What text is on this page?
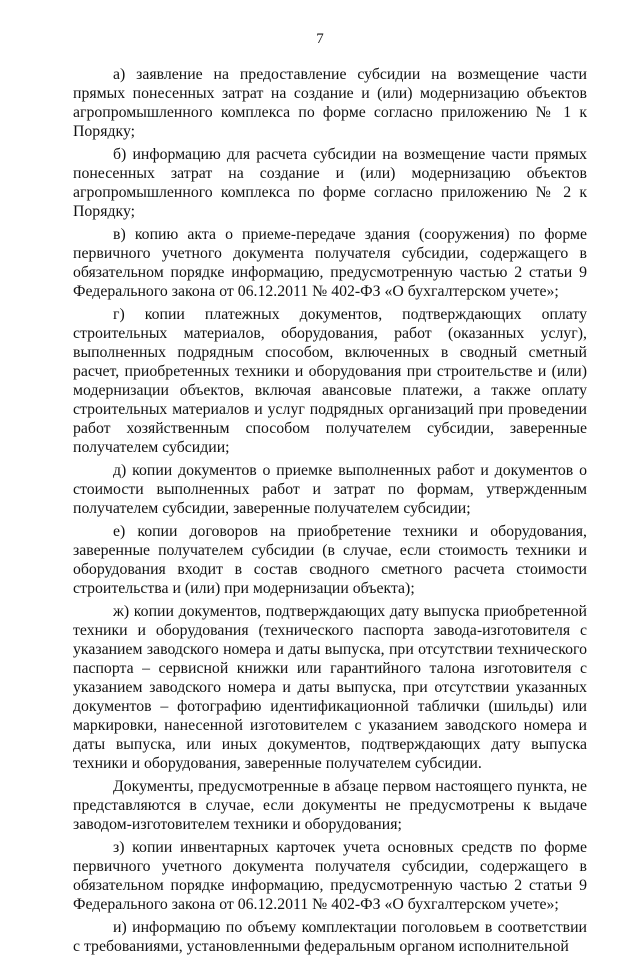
7

а) заявление на предоставление субсидии на возмещение части прямых понесенных затрат на создание и (или) модернизацию объектов агропромышленного комплекса по форме согласно приложению № 1 к Порядку;

б) информацию для расчета субсидии на возмещение части прямых понесенных затрат на создание и (или) модернизацию объектов агропромышленного комплекса по форме согласно приложению № 2 к Порядку;

в) копию акта о приеме-передаче здания (сооружения) по форме первичного учетного документа получателя субсидии, содержащего в обязательном порядке информацию, предусмотренную частью 2 статьи 9 Федерального закона от 06.12.2011 № 402-ФЗ «О бухгалтерском учете»;

г) копии платежных документов, подтверждающих оплату строительных материалов, оборудования, работ (оказанных услуг), выполненных подрядным способом, включенных в сводный сметный расчет, приобретенных техники и оборудования при строительстве и (или) модернизации объектов, включая авансовые платежи, а также оплату строительных материалов и услуг подрядных организаций при проведении работ хозяйственным способом получателем субсидии, заверенные получателем субсидии;

д) копии документов о приемке выполненных работ и документов о стоимости выполненных работ и затрат по формам, утвержденным получателем субсидии, заверенные получателем субсидии;

е) копии договоров на приобретение техники и оборудования, заверенные получателем субсидии (в случае, если стоимость техники и оборудования входит в состав сводного сметного расчета стоимости строительства и (или) при модернизации объекта);

ж) копии документов, подтверждающих дату выпуска приобретенной техники и оборудования (технического паспорта завода-изготовителя с указанием заводского номера и даты выпуска, при отсутствии технического паспорта – сервисной книжки или гарантийного талона изготовителя с указанием заводского номера и даты выпуска, при отсутствии указанных документов – фотографию идентификационной таблички (шильды) или маркировки, нанесенной изготовителем с указанием заводского номера и даты выпуска, или иных документов, подтверждающих дату выпуска техники и оборудования, заверенные получателем субсидии.

Документы, предусмотренные в абзаце первом настоящего пункта, не представляются в случае, если документы не предусмотрены к выдаче заводом-изготовителем техники и оборудования;

з) копии инвентарных карточек учета основных средств по форме первичного учетного документа получателя субсидии, содержащего в обязательном порядке информацию, предусмотренную частью 2 статьи 9 Федерального закона от 06.12.2011 № 402-ФЗ «О бухгалтерском учете»;

и) информацию по объему комплектации поголовьем в соответствии с требованиями, установленными федеральным органом исполнительной
